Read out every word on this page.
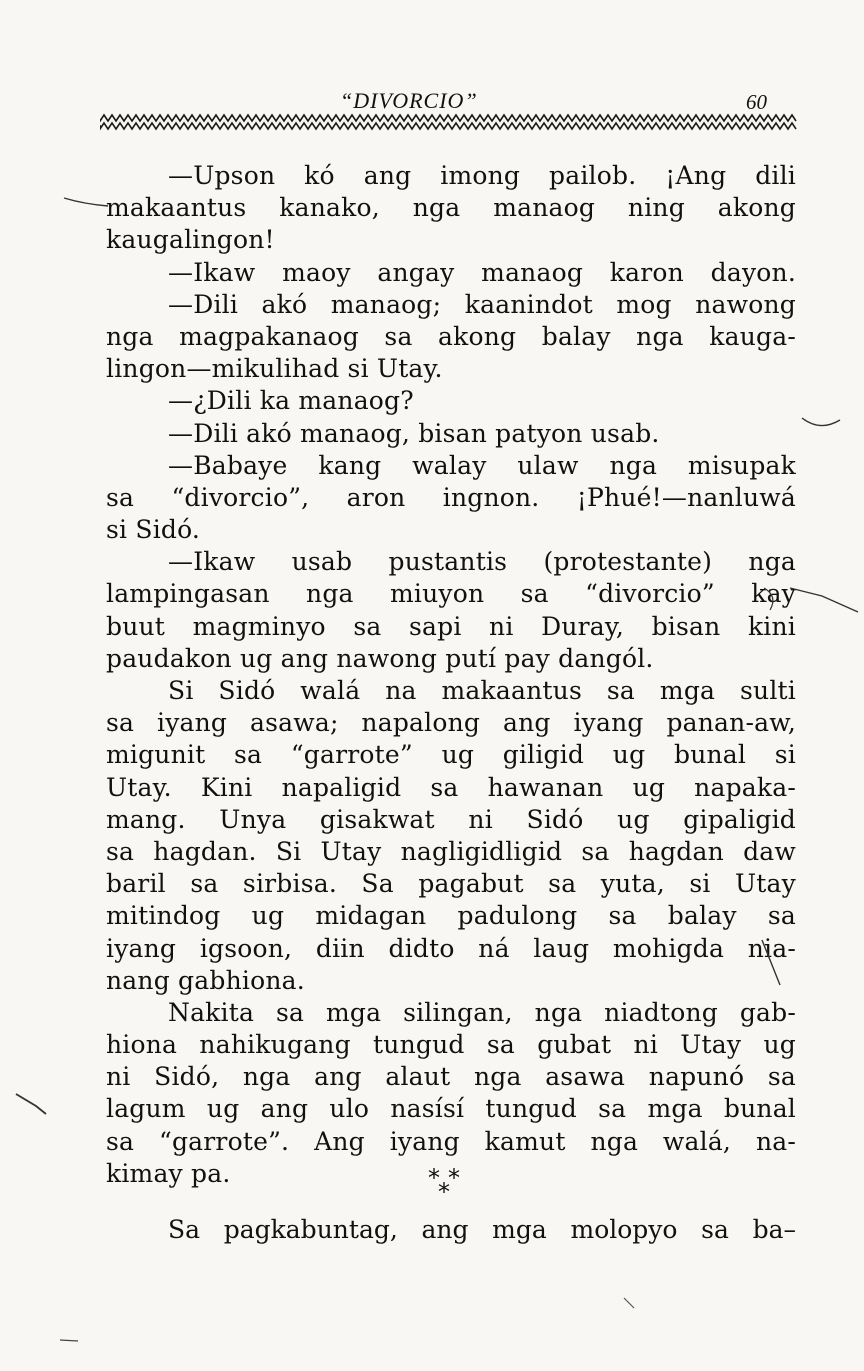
“DIVORCIO”	60
—Upson kó ang imong pailob. ¡Ang dili
makaantus kanako, nga manaog ning akong
kaugalingon!
—Ikaw maoy angay manaog karon dayon.
—Dili akó manaog; kaanindot mog nawong
nga magpakanaog sa akong balay nga kauga-
lingon—mikulihad si Utay.
—¿Dili ka manaog?
—Dili akó manaog, bisan patyon usab.
—Babaye kang walay ulaw nga misupak
sa “divorcio”, aron ingnon. ¡Phué!—nanluwá
si Sidó.
—Ikaw usab pustantis (protestante) nga
lampingasan nga miuyon sa “divorcio” kay
buut magminyo sa sapi ni Duray, bisan kini
paudakon ug ang nawong putí pay dangól.
Si Sidó walá na makaantus sa mga sulti
sa iyang asawa; napalong ang iyang panan-aw,
migunit sa “garrote” ug giligid ug bunal si
Utay. Kini napaligid sa hawanan ug napaka-
mang. Unya gisakwat ni Sidó ug gipaligid
sa hagdan. Si Utay nagligidligid sa hagdan daw
baril sa sirbisa. Sa pagabut sa yuta, si Utay
mitindog ug midagan padulong sa balay sa
iyang igsoon, diin didto ná laug mohigda nia-
nang gabhiona.
Nakita sa mga silingan, nga niadtong gab-
hiona nahikugang tungud sa gubat ni Utay ug
ni Sidó, nga ang alaut nga asawa napunó sa
lagum ug ang ulo nasísí tungud sa mga bunal
sa “garrote”. Ang iyang kamut nga walá, na-
kimay pa.	* *
*
Sa pagkabuntag, ang mga molopyo sa ba–
